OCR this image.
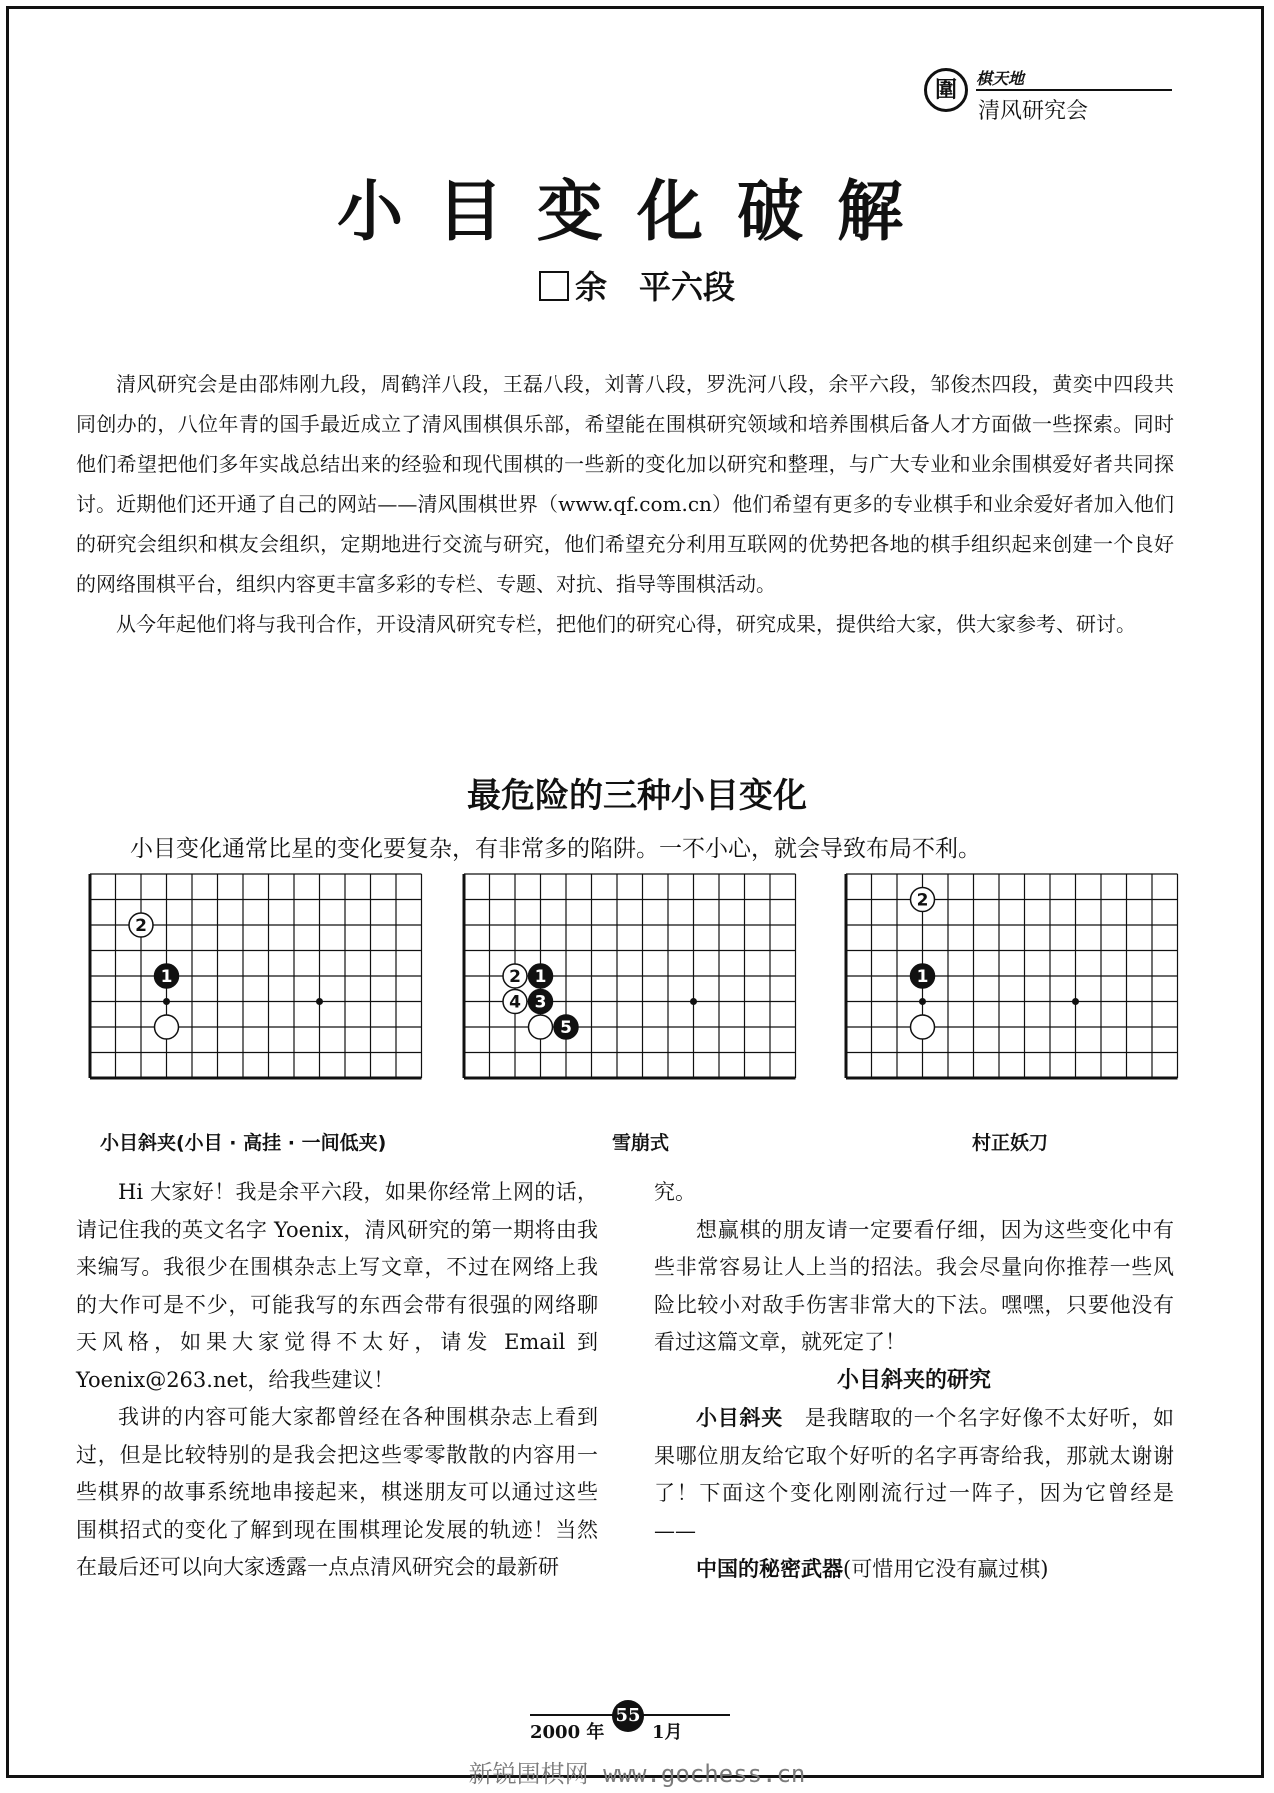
圍	棋天地
清风研究会
小目变化破解
余　平六段

清风研究会是由邵炜刚九段，周鹤洋八段，王磊八段，刘菁八段，罗洗河八段，余平六段，邹俊杰四段，黄奕中四段共同创办的，八位年青的国手最近成立了清风围棋俱乐部，希望能在围棋研究领域和培养围棋后备人才方面做一些探索。同时他们希望把他们多年实战总结出来的经验和现代围棋的一些新的变化加以研究和整理，与广大专业和业余围棋爱好者共同探讨。近期他们还开通了自己的网站——清风围棋世界（www.qf.com.cn）他们希望有更多的专业棋手和业余爱好者加入他们的研究会组织和棋友会组织，定期地进行交流与研究，他们希望充分利用互联网的优势把各地的棋手组织起来创建一个良好的网络围棋平台，组织内容更丰富多彩的专栏、专题、对抗、指导等围棋活动。

从今年起他们将与我刊合作，开设清风研究专栏，把他们的研究心得，研究成果，提供给大家，供大家参考、研讨。

最危险的三种小目变化
小目变化通常比星的变化要复杂，有非常多的陷阱。一不小心，就会导致布局不利。
1
2
1
2
3
4
5
1
2
小目斜夹(小目 · 高挂 · 一间低夹)	雪崩式	村正妖刀

Hi 大家好！我是余平六段，如果你经常上网的话，请记住我的英文名字 Yoenix，清风研究的第一期将由我来编写。我很少在围棋杂志上写文章，不过在网络上我的大作可是不少，可能我写的东西会带有很强的网络聊天风格，如果大家觉得不太好，请发 Email 到 Yoenix@263.net，给我些建议！

我讲的内容可能大家都曾经在各种围棋杂志上看到过，但是比较特别的是我会把这些零零散散的内容用一些棋界的故事系统地串接起来，棋迷朋友可以通过这些围棋招式的变化了解到现在围棋理论发展的轨迹！当然在最后还可以向大家透露一点点清风研究会的最新研

究。

想赢棋的朋友请一定要看仔细，因为这些变化中有些非常容易让人上当的招法。我会尽量向你推荐一些风险比较小对敌手伤害非常大的下法。嘿嘿，只要他没有看过这篇文章，就死定了！

小目斜夹的研究

小目斜夹　是我瞎取的一个名字好像不太好听，如果哪位朋友给它取个好听的名字再寄给我，那就太谢谢了！下面这个变化刚刚流行过一阵子，因为它曾经是——

中国的秘密武器(可惜用它没有赢过棋)

2000 年
55
1月
新锐围棋网 www.gochess.cn
